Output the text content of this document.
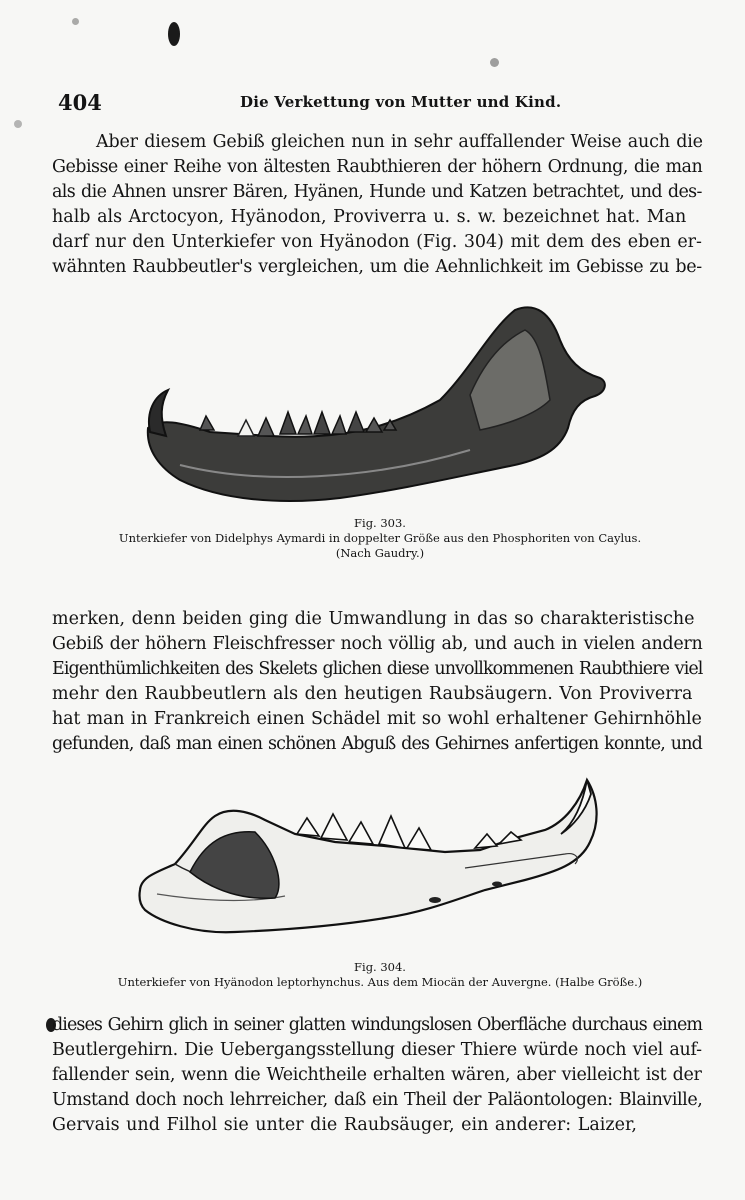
404	Die Verkettung von Mutter und Kind.

Aber diesem Gebiß gleichen nun in sehr auffallender Weise auch die
Gebisse einer Reihe von ältesten Raubthieren der höhern Ordnung, die man
als die Ahnen unsrer Bären, Hyänen, Hunde und Katzen betrachtet, und des-
halb als Arctocyon, Hyänodon, Proviverra u. s. w. bezeichnet hat. Man
darf nur den Unterkiefer von Hyänodon (Fig. 304) mit dem des eben er-
wähnten Raubbeutler's vergleichen, um die Aehnlichkeit im Gebisse zu be-

Fig. 303.
Unterkiefer von Didelphys Aymardi in doppelter Größe aus den Phosphoriten von Caylus.
(Nach Gaudry.)

merken, denn beiden ging die Umwandlung in das so charakteristische
Gebiß der höhern Fleischfresser noch völlig ab, und auch in vielen andern
Eigenthümlichkeiten des Skelets glichen diese unvollkommenen Raubthiere viel
mehr den Raubbeutlern als den heutigen Raubsäugern. Von Proviverra
hat man in Frankreich einen Schädel mit so wohl erhaltener Gehirnhöhle
gefunden, daß man einen schönen Abguß des Gehirnes anfertigen konnte, und

Fig. 304.
Unterkiefer von Hyänodon leptorhynchus. Aus dem Miocän der Auvergne. (Halbe Größe.)

dieses Gehirn glich in seiner glatten windungslosen Oberfläche durchaus einem
Beutlergehirn. Die Uebergangsstellung dieser Thiere würde noch viel auf-
fallender sein, wenn die Weichtheile erhalten wären, aber vielleicht ist der
Umstand doch noch lehrreicher, daß ein Theil der Paläontologen: Blainville,
Gervais und Filhol sie unter die Raubsäuger, ein anderer: Laizer,
